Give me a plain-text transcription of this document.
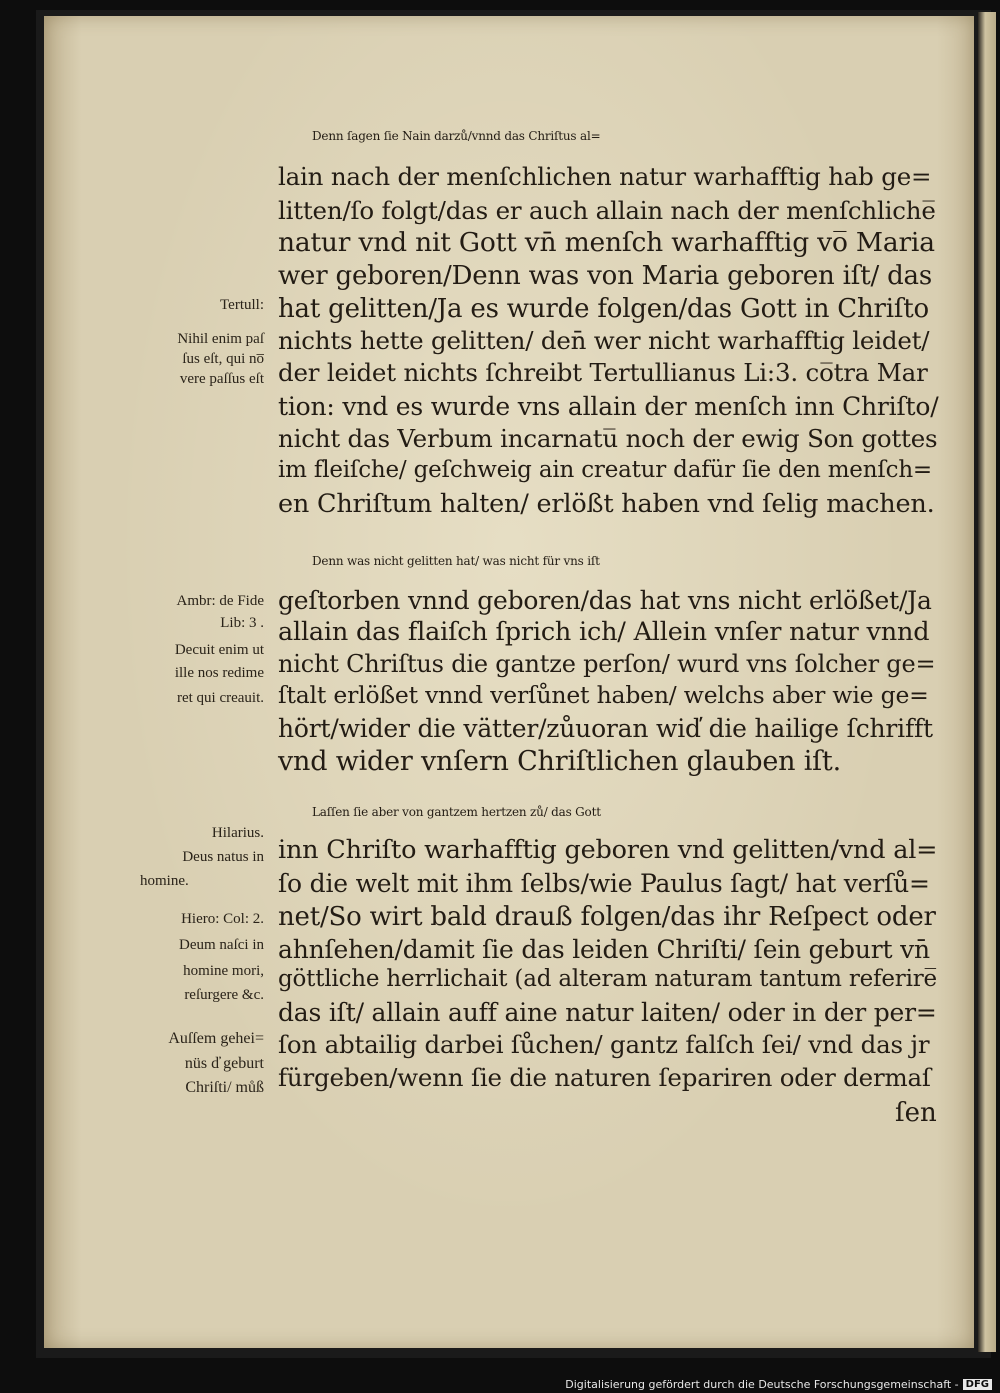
Denn ſagen ſie Nain darzů/vnnd das Chriſtus al=
lain nach der menſchlichen natur warhafftig hab ge=
litten/ſo folgt/das er auch allain nach der menſchliche̅
natur vnd nit Gott vn̄ menſch warhafftig vo̅ Maria
wer geboren/Denn was von Maria geboren iſt/ das
hat gelitten/Ja es wurde folgen/das Gott in Chriſto
nichts hette gelitten/ den̄ wer nicht warhafftig leidet/
der leidet nichts ſchreibt Tertullianus Li:3. co̅tra Mar
tion: vnd es wurde vns allain der menſch inn Chriſto/
nicht das Verbum incarnatu̅ noch der ewig Son gottes
im fleiſche/ geſchweig ain creatur dafür ſie den menſch=
en Chriſtum halten/ erlößt haben vnd ſelig machen.
Denn was nicht gelitten hat/ was nicht für vns iſt
geſtorben vnnd geboren/das hat vns nicht erlößet/Ja
allain das flaiſch ſprich ich/ Allein vnſer natur vnnd
nicht Chriſtus die gantze perſon/ wurd vns ſolcher ge=
ſtalt erlößet vnnd verſůnet haben/ welchs aber wie ge=
hört/wider die vätter/zůuoran wid̕ die hailige ſchrifft
vnd wider vnſern Chriſtlichen glauben iſt.
Laſſen ſie aber von gantzem hertzen zů/ das Gott
inn Chriſto warhafftig geboren vnd gelitten/vnd al=
ſo die welt mit ihm ſelbs/wie Paulus ſagt/ hat verſů=
net/So wirt bald drauß folgen/das ihr Reſpect oder
ahnſehen/damit ſie das leiden Chriſti/ ſein geburt vn̄
göttliche herrlichait (ad alteram naturam tantum referire̅
das iſt/ allain auff aine natur laiten/ oder in der per=
ſon abtailig darbei ſůchen/ gantz falſch ſei/ vnd das jr
fürgeben/wenn ſie die naturen ſepariren oder dermaſ
ſen
Tertull:
Nihil enim paſ
ſus eſt, qui no̅
vere paſſus eſt
Ambr: de Fide
Lib: 3 .
Decuit enim ut
ille nos redime
ret qui creauit.
Hilarius.
Deus natus in
homine.
Hiero: Col: 2.
Deum naſci in
homine mori,
reſurgere &c.
Auſſem gehei=
nüs d̕ geburt
Chriſti/ můß
Digitalisierung gefördert durch die Deutsche Forschungsgemeinschaft - DFG
